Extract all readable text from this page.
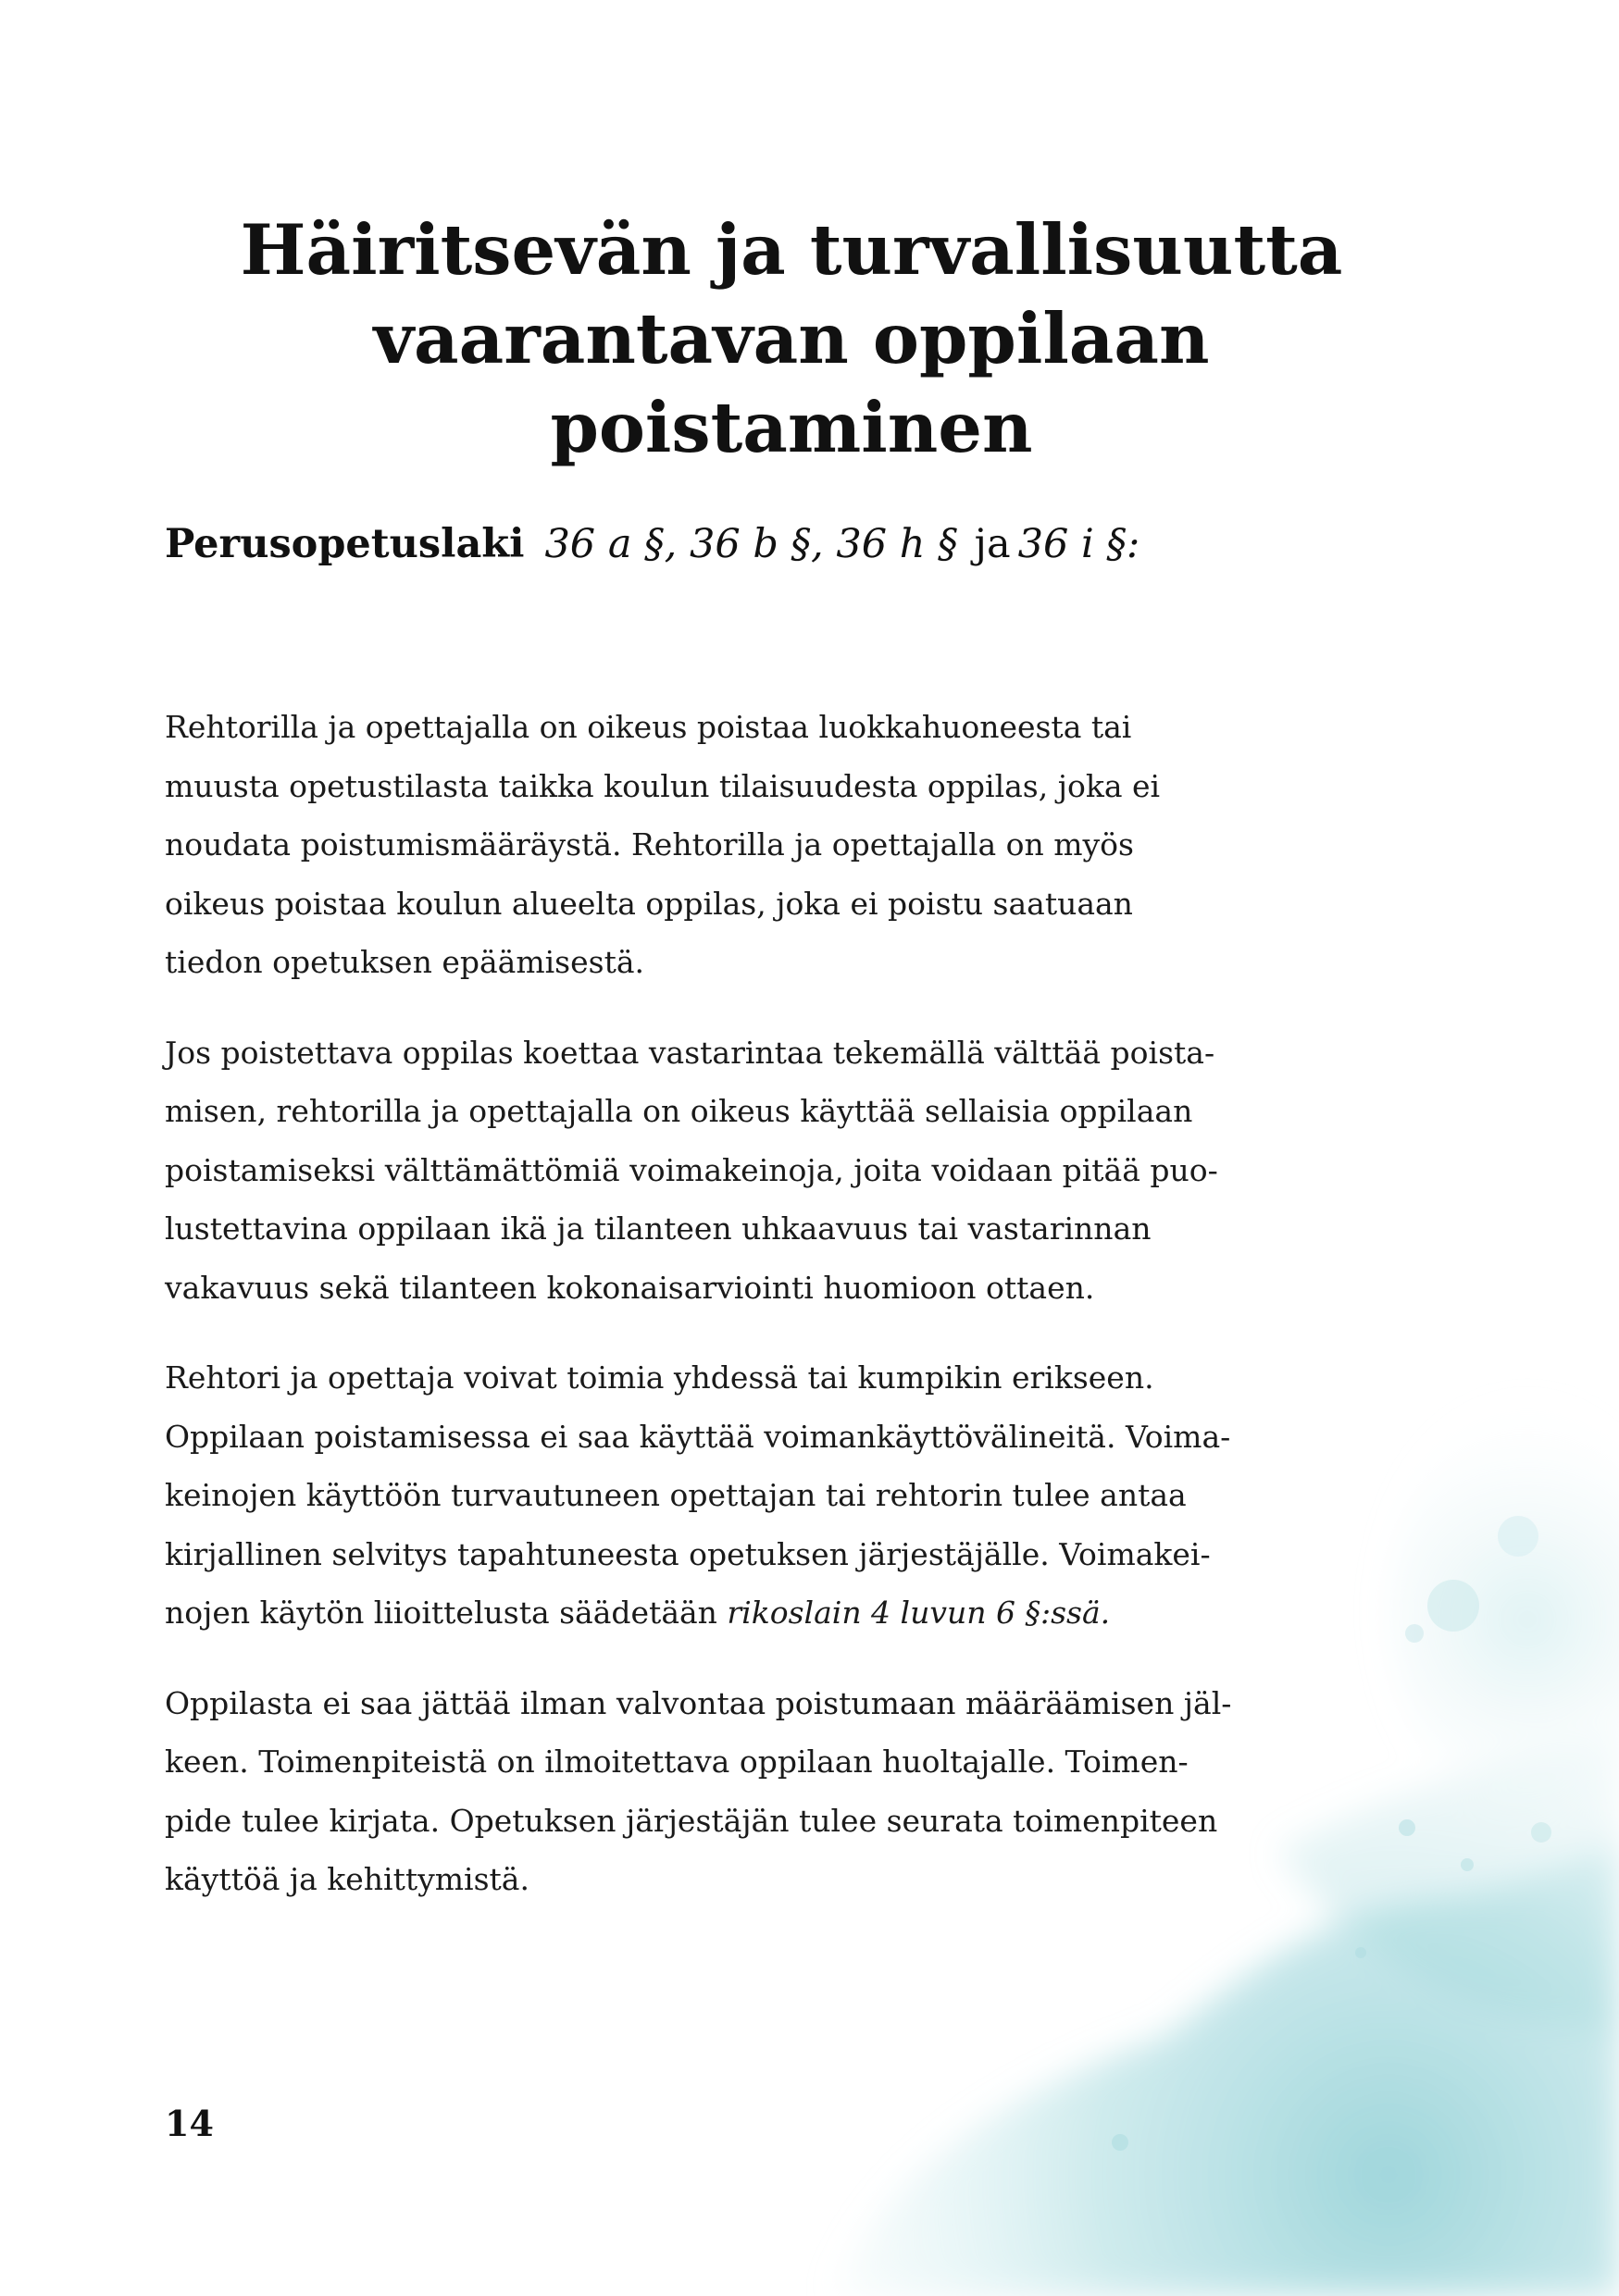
Häiritsevän ja turvallisuutta
vaarantavan oppilaan poistaminen
Perusopetuslaki 36 a §, 36 b §, 36 h § ja 36 i §:

Rehtorilla ja opettajalla on oikeus poistaa luokkahuoneesta tai
muusta opetustilasta taikka koulun tilaisuudesta oppilas, joka ei
noudata poistumismääräystä. Rehtorilla ja opettajalla on myös
oikeus poistaa koulun alueelta oppilas, joka ei poistu saatuaan
tiedon opetuksen epäämisestä.

Jos poistettava oppilas koettaa vastarintaa tekemällä välttää poista-
misen, rehtorilla ja opettajalla on oikeus käyttää sellaisia oppilaan
poistamiseksi välttämättömiä voimakeinoja, joita voidaan pitää puo-
lustettavina oppilaan ikä ja tilanteen uhkaavuus tai vastarinnan
vakavuus sekä tilanteen kokonaisarviointi huomioon ottaen.

Rehtori ja opettaja voivat toimia yhdessä tai kumpikin erikseen.
Oppilaan poistamisessa ei saa käyttää voimankäyttövälineitä. Voima-
keinojen käyttöön turvautuneen opettajan tai rehtorin tulee antaa
kirjallinen selvitys tapahtuneesta opetuksen järjestäjälle. Voimakei-
nojen käytön liioittelusta säädetään rikoslain 4 luvun 6 §:ssä.

Oppilasta ei saa jättää ilman valvontaa poistumaan määräämisen jäl-
keen. Toimenpiteistä on ilmoitettava oppilaan huoltajalle. Toimen-
pide tulee kirjata. Opetuksen järjestäjän tulee seurata toimenpiteen
käyttöä ja kehittymistä.

14
